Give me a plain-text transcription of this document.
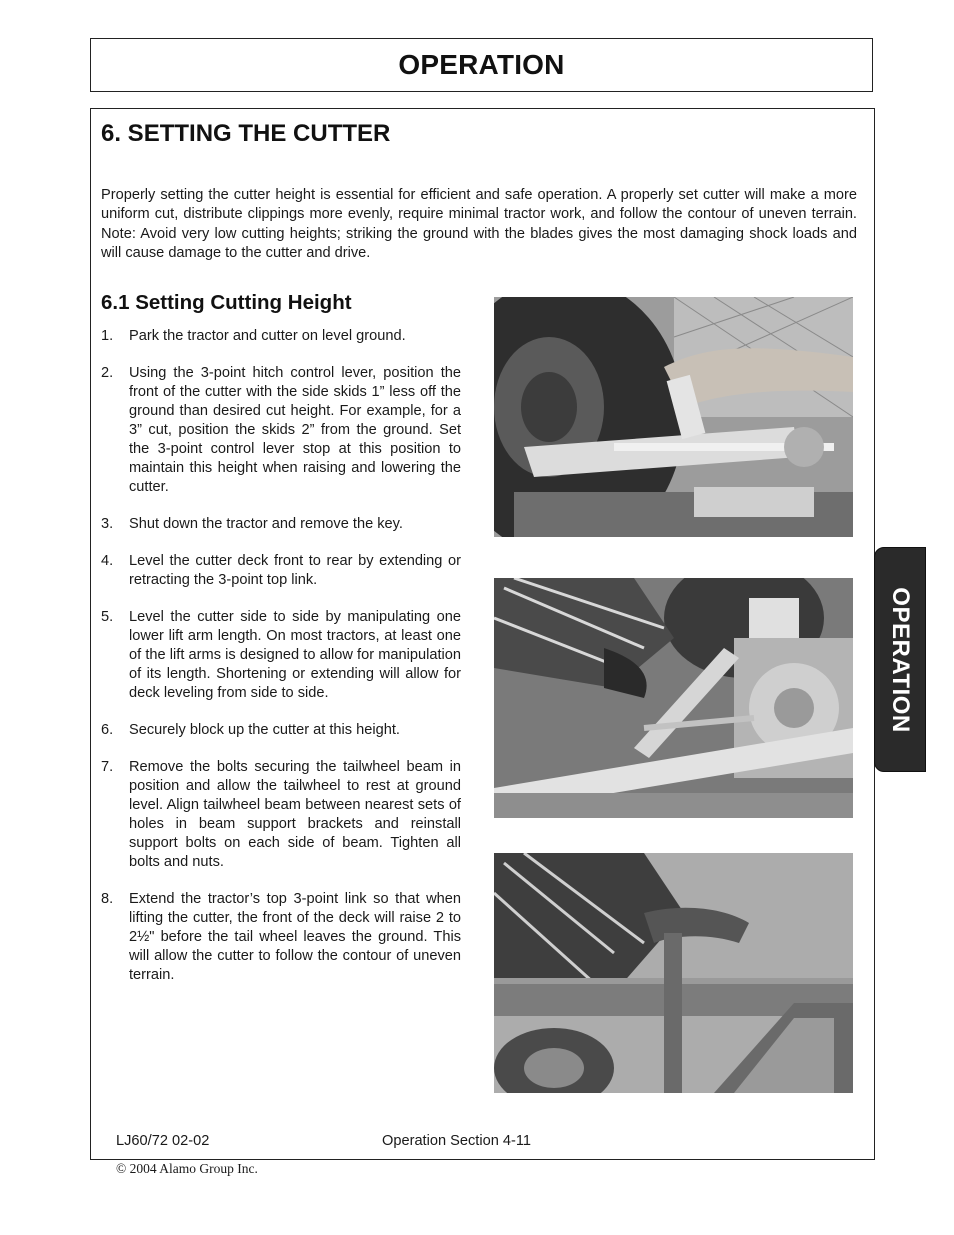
OPERATION
6. SETTING THE CUTTER

Properly setting the cutter height is essential for efficient and safe operation. A properly set cutter will make a more uniform cut, distribute clippings more evenly, require minimal tractor work, and follow the contour of uneven terrain. Note: Avoid very low cutting heights; striking the ground with the blades gives the most damaging shock loads and will cause damage to the cutter and drive.

6.1 Setting Cutting Height
1.	Park the tractor and cutter on level ground.
2.	Using the 3-point hitch control lever, position the front of the cutter with the side skids 1” less off the ground than desired cut height. For example, for a 3” cut, position the skids 2” from the ground. Set the 3-point control lever stop at this position to maintain this height when raising and lowering the cutter.
3.	Shut down the tractor and remove the key.
4.	Level the cutter deck front to rear by extending or retracting the 3-point top link.
5.	Level the cutter side to side by manipulating one lower lift arm length. On most tractors, at least one of the lift arms is designed to allow for manipulation of its length. Shortening or extending will allow for deck leveling from side to side.
6.	Securely block up the cutter at this height.
7.	Remove the bolts securing the tailwheel beam in position and allow the tailwheel to rest at ground level. Align tailwheel beam between nearest sets of holes in beam support brackets and reinstall support bolts on each side of beam. Tighten all bolts and nuts.
8.	Extend the tractor’s top 3-point link so that when lifting the cutter, the front of the deck will raise 2 to 2½" before the tail wheel leaves the ground. This will allow the cutter to follow the contour of uneven terrain.
OPERATION
LJ60/72 02-02	Operation Section 4-11
© 2004 Alamo Group Inc.
